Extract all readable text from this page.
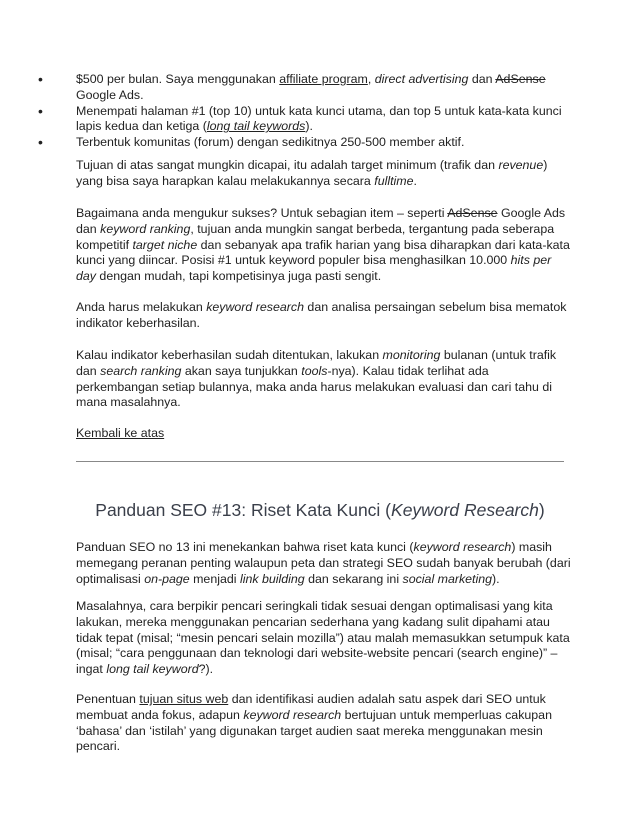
• $500 per bulan. Saya menggunakan affiliate program, direct advertising dan AdSense Google Ads.
• Menempati halaman #1 (top 10) untuk kata kunci utama, dan top 5 untuk kata-kata kunci lapis kedua dan ketiga (long tail keywords).
• Terbentuk komunitas (forum) dengan sedikitnya 250-500 member aktif.

Tujuan di atas sangat mungkin dicapai, itu adalah target minimum (trafik dan revenue) yang bisa saya harapkan kalau melakukannya secara fulltime.

Bagaimana anda mengukur sukses? Untuk sebagian item – seperti AdSense Google Ads dan keyword ranking, tujuan anda mungkin sangat berbeda, tergantung pada seberapa kompetitif target niche dan sebanyak apa trafik harian yang bisa diharapkan dari kata-kata kunci yang diincar. Posisi #1 untuk keyword populer bisa menghasilkan 10.000 hits per day dengan mudah, tapi kompetisinya juga pasti sengit.

Anda harus melakukan keyword research dan analisa persaingan sebelum bisa mematok indikator keberhasilan.

Kalau indikator keberhasilan sudah ditentukan, lakukan monitoring bulanan (untuk trafik dan search ranking akan saya tunjukkan tools-nya). Kalau tidak terlihat ada perkembangan setiap bulannya, maka anda harus melakukan evaluasi dan cari tahu di mana masalahnya.

Kembali ke atas

Panduan SEO #13: Riset Kata Kunci (Keyword Research)

Panduan SEO no 13 ini menekankan bahwa riset kata kunci (keyword research) masih memegang peranan penting walaupun peta dan strategi SEO sudah banyak berubah (dari optimalisasi on-page menjadi link building dan sekarang ini social marketing).

Masalahnya, cara berpikir pencari seringkali tidak sesuai dengan optimalisasi yang kita lakukan, mereka menggunakan pencarian sederhana yang kadang sulit dipahami atau tidak tepat (misal; “mesin pencari selain mozilla”) atau malah memasukkan setumpuk kata (misal; “cara penggunaan dan teknologi dari website-website pencari (search engine)” – ingat long tail keyword?).

Penentuan tujuan situs web dan identifikasi audien adalah satu aspek dari SEO untuk membuat anda fokus, adapun keyword research bertujuan untuk memperluas cakupan ‘bahasa’ dan ‘istilah’ yang digunakan target audien saat mereka menggunakan mesin pencari.
